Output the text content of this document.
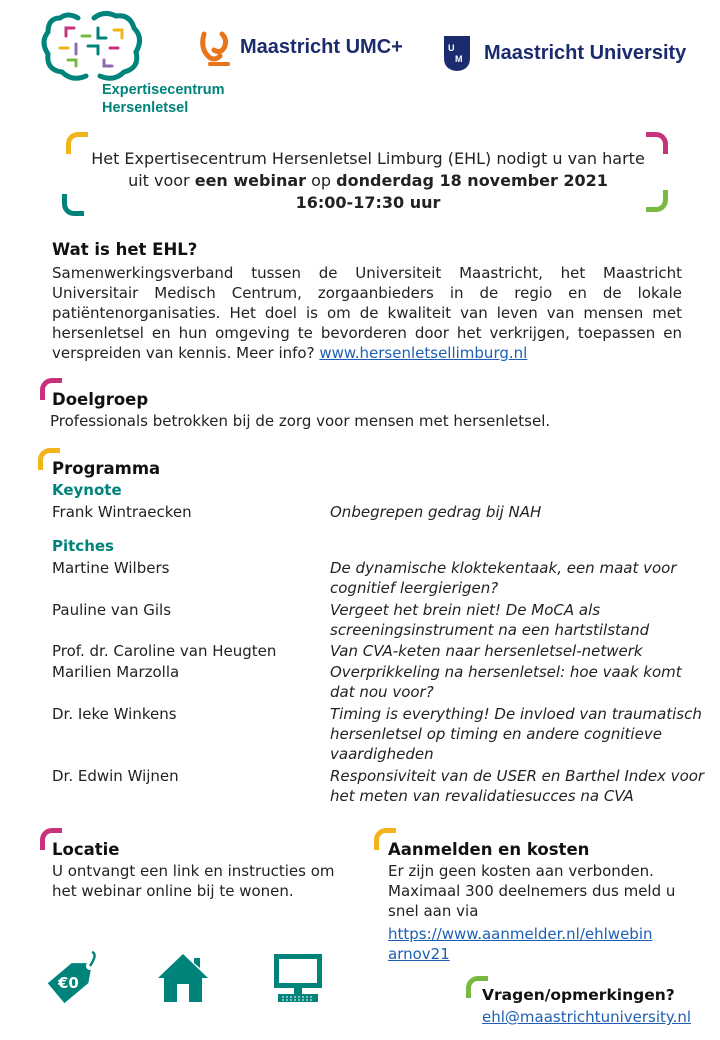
Expertisecentrum
Hersenletsel
Maastricht UMC+	U
M Maastricht University
Het Expertisecentrum Hersenletsel Limburg (EHL) nodigt u van harte uit voor een webinar op donderdag 18 november 2021
16:00-17:30 uur
Wat is het EHL?
Samenwerkingsverband tussen de Universiteit Maastricht, het Maastricht Universitair Medisch Centrum, zorgaanbieders in de regio en de lokale patiëntenorganisaties. Het doel is om de kwaliteit van leven van mensen met hersenletsel en hun omgeving te bevorderen door het verkrijgen, toepassen en verspreiden van kennis. Meer info? www.hersenletsellimburg.nl
Doelgroep
Professionals betrokken bij de zorg voor mensen met hersenletsel.
Programma
Keynote
Frank Wintraecken	Onbegrepen gedrag bij NAH
Pitches
Martine Wilbers	De dynamische kloktekentaak, een maat voor cognitief leergierigen?
Pauline van Gils	Vergeet het brein niet! De MoCA als screeningsinstrument na een hartstilstand
Prof. dr. Caroline van Heugten	Van CVA-keten naar hersenletsel-netwerk
Marilien Marzolla	Overprikkeling na hersenletsel: hoe vaak komt dat nou voor?
Dr. Ieke Winkens	Timing is everything! De invloed van traumatisch hersenletsel op timing en andere cognitieve vaardigheden
Dr. Edwin Wijnen	Responsiviteit van de USER en Barthel Index voor het meten van revalidatiesucces na CVA
Locatie
U ontvangt een link en instructies om het webinar online bij te wonen.
Aanmelden en kosten
Er zijn geen kosten aan verbonden. Maximaal 300 deelnemers dus meld u snel aan via
https://www.aanmelder.nl/ehlwebin
arnov21
€0
Vragen/opmerkingen?
ehl@maastrichtuniversity.nl
